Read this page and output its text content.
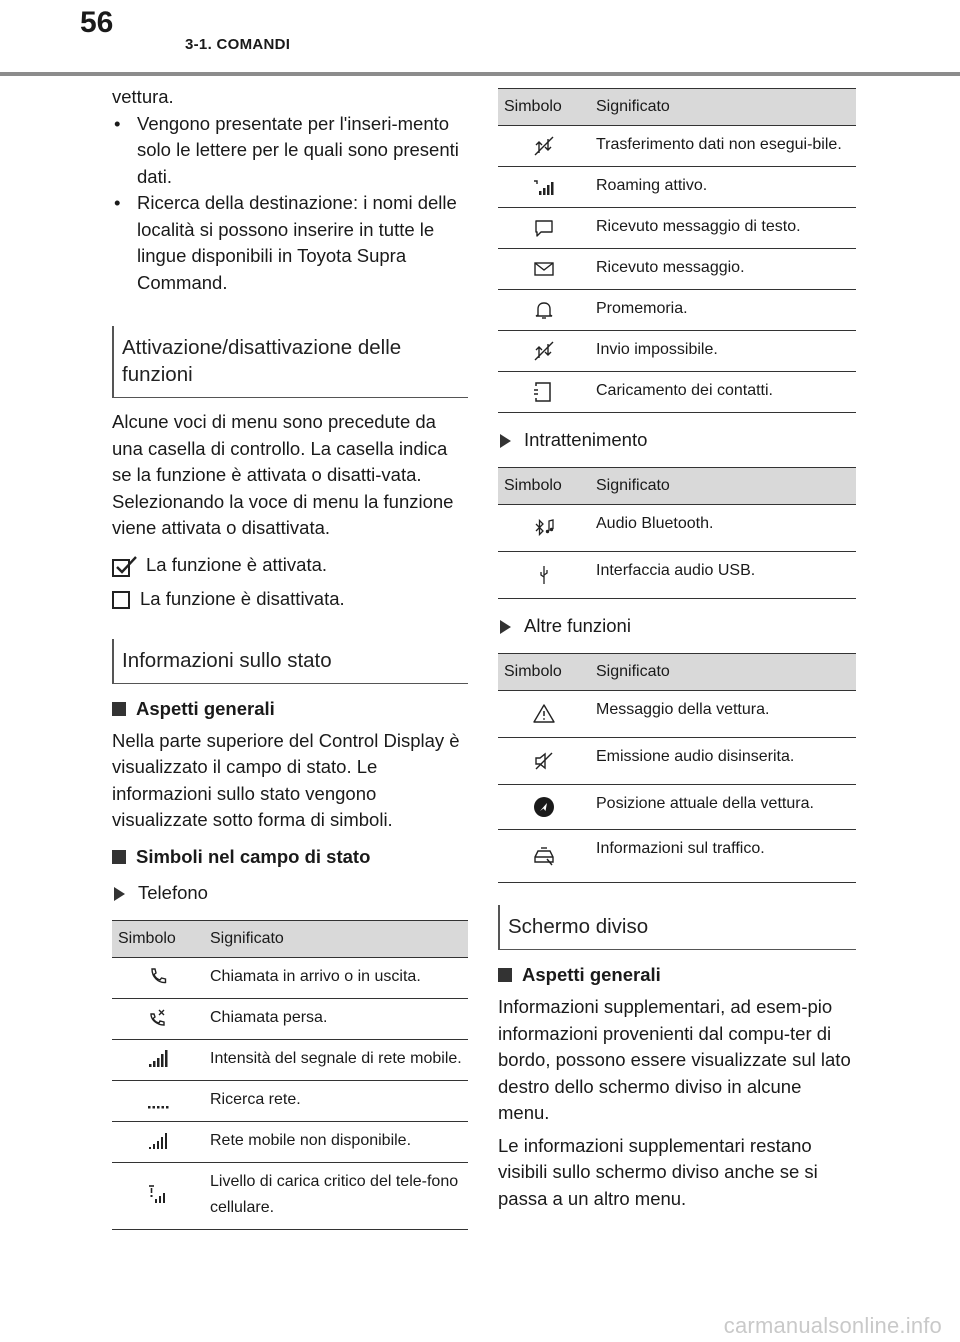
56
3-1. COMANDI

vettura.

• Vengono presentate per l'inseri-mento solo le lettere per le quali sono presenti dati.

• Ricerca della destinazione: i nomi delle località si possono inserire in tutte le lingue disponibili in Toyota Supra Command.

Attivazione/disattivazione delle funzioni

Alcune voci di menu sono precedute da una casella di controllo. La casella indica se la funzione è attivata o disatti-vata. Selezionando la voce di menu la funzione viene attivata o disattivata.

La funzione è attivata.

La funzione è disattivata.

Informazioni sullo stato
Aspetti generali

Nella parte superiore del Control Display è visualizzato il campo di stato. Le informazioni sullo stato vengono visualizzate sotto forma di simboli.

Simboli nel campo di stato
Telefono
Simbolo	Significato
	Chiamata in arrivo o in uscita.
	Chiamata persa.
	Intensità del segnale di rete mobile.
	Ricerca rete.
	Rete mobile non disponibile.
	Livello di carica critico del tele-fono cellulare.
Simbolo	Significato
	Trasferimento dati non esegui-bile.
	Roaming attivo.
	Ricevuto messaggio di testo.
	Ricevuto messaggio.
	Promemoria.
	Invio impossibile.
	Caricamento dei contatti.
Intrattenimento
Simbolo	Significato
	Audio Bluetooth.
	Interfaccia audio USB.
Altre funzioni
Simbolo	Significato
	Messaggio della vettura.
	Emissione audio disinserita.
	Posizione attuale della vettura.
	Informazioni sul traffico.
Schermo diviso
Aspetti generali

Informazioni supplementari, ad esem-pio informazioni provenienti dal compu-ter di bordo, possono essere visualizzate sul lato destro dello schermo diviso in alcune menu.

Le informazioni supplementari restano visibili sullo schermo diviso anche se si passa a un altro menu.

carmanualsonline.info
